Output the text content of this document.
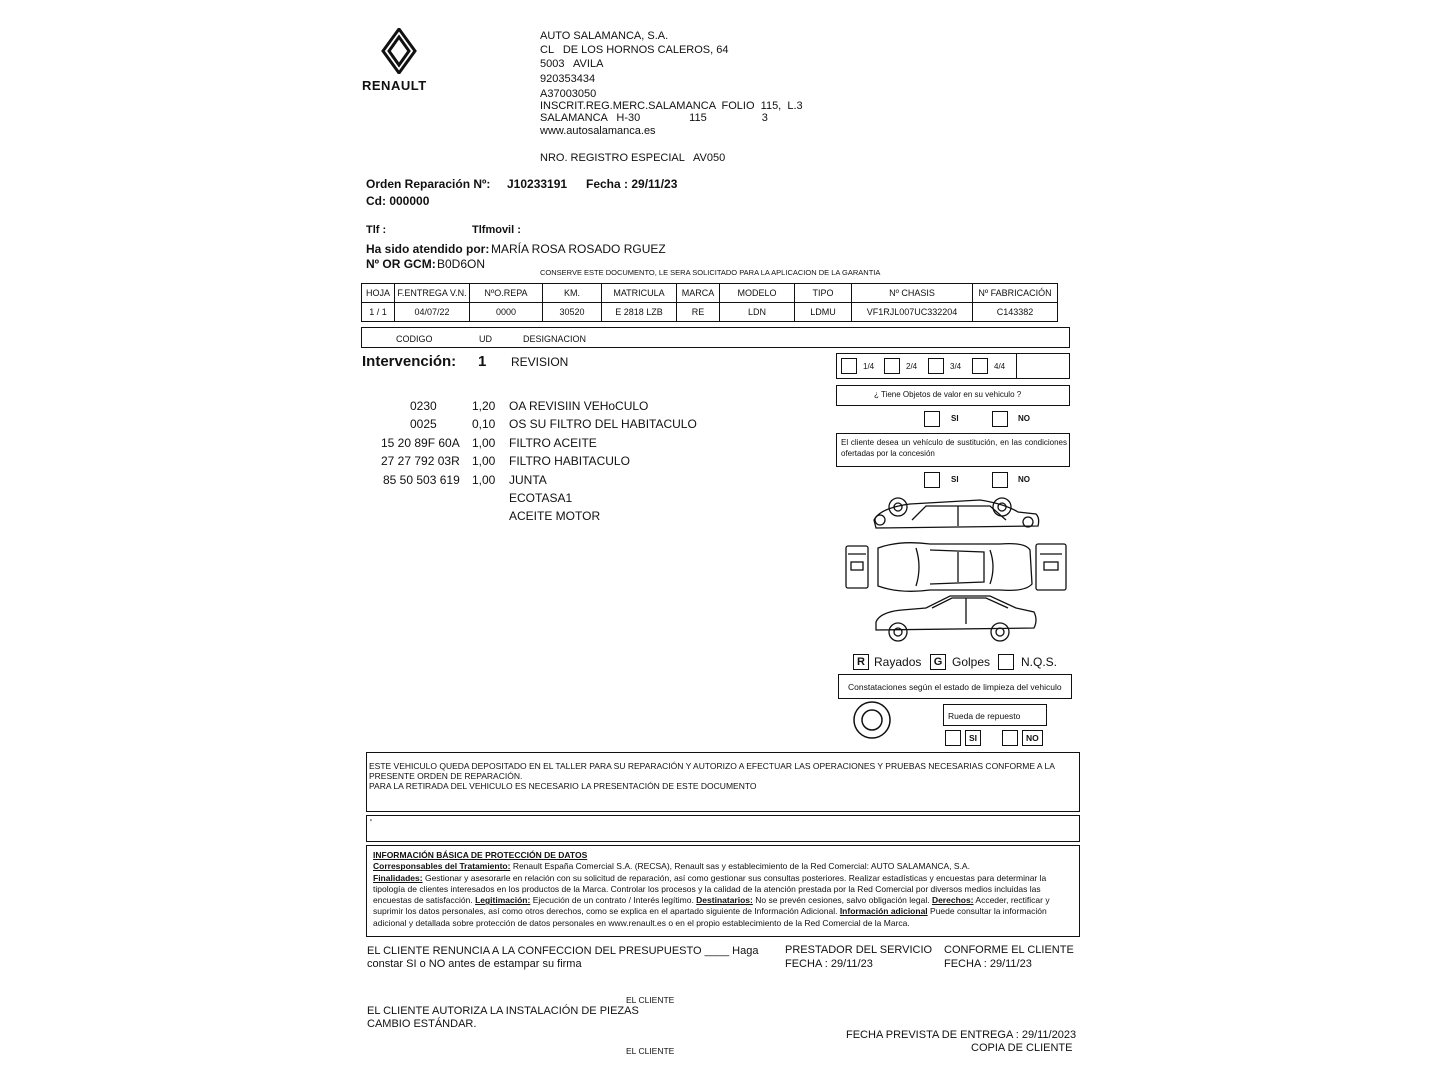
RENAULT
AUTO SALAMANCA, S.A.
CL   DE LOS HORNOS CALEROS, 64
5003   AVILA
920353434
A37003050
INSCRIT.REG.MERC.SALAMANCA  FOLIO  115,  L.3
SALAMANCA   H-30                115                  3
www.autosalamanca.es
NRO. REGISTRO ESPECIAL   AV050
Orden Reparación Nº: J10233191 Fecha : 29/11/23
Cd: 000000
Tlf :	Tlfmovil :
Ha sido atendido por: MARÍA ROSA ROSADO RGUEZ
Nº OR GCM: B0D6ON
CONSERVE ESTE DOCUMENTO, LE SERA SOLICITADO PARA LA APLICACION DE LA GARANTIA
HOJA	F.ENTREGA V.N.	NºO.REPA	KM.	MATRICULA	MARCA	MODELO	TIPO	Nº CHASIS	Nº FABRICACIÓN
1 / 1	04/07/22	0000	30520	E 2818 LZB	RE	LDN	LDMU	VF1RJL007UC332204	C143382
CODIGO	UD	DESIGNACION
Intervención: 1 REVISION
0230	1,20 OA REVISIIN VEHoCULO
0025	0,10 OS SU FILTRO DEL HABITACULO
15 20 89F 60A 1,00 FILTRO ACEITE
27 27 792 03R 1,00 FILTRO HABITACULO
85 50 503 619 1,00 JUNTA
ECOTASA1
ACEITE MOTOR
1/4	2/4	3/4	4/4
¿ Tiene Objetos de valor en su vehiculo ?
SI	NO
El cliente desea un vehículo de sustitución, en las condiciones ofertadas por la concesión
SI	NO
R Rayados	G Golpes	N.Q.S.
Constataciones según el estado de limpieza del vehiculo
Rueda de repuesto
SI	NO
ESTE VEHICULO QUEDA DEPOSITADO EN EL TALLER PARA SU REPARACIÓN Y AUTORIZO A EFECTUAR LAS OPERACIONES Y PRUEBAS NECESARIAS CONFORME A LA
PRESENTE ORDEN DE REPARACIÓN.
PARA LA RETIRADA DEL VEHICULO ES NECESARIO LA PRESENTACIÓN DE ESTE DOCUMENTO
'
INFORMACIÓN BÁSICA DE PROTECCIÓN DE DATOS
Corresponsables del Tratamiento: Renault España Comercial S.A. (RECSA), Renault sas y establecimiento de la Red Comercial: AUTO SALAMANCA, S.A.
Finalidades: Gestionar y asesorarle en relación con su solicitud de reparación, así como gestionar sus consultas posteriores. Realizar estadísticas y encuestas para determinar la tipología de clientes interesados en los productos de la Marca. Controlar los procesos y la calidad de la atención prestada por la Red Comercial por diversos medios incluidas las encuestas de satisfacción. Legitimación: Ejecución de un contrato / Interés legítimo. Destinatarios: No se prevén cesiones, salvo obligación legal. Derechos: Acceder, rectificar y suprimir los datos personales, así como otros derechos, como se explica en el apartado siguiente de Información Adicional. Información adicional Puede consultar la información adicional y detallada sobre protección de datos personales en www.renault.es o en el propio establecimiento de la Red Comercial de la Marca.
EL CLIENTE RENUNCIA A LA CONFECCION DEL PRESUPUESTO ____ Haga
constar SI o NO antes de estampar su firma
PRESTADOR DEL SERVICIO
FECHA : 29/11/23
CONFORME EL CLIENTE
FECHA : 29/11/23
EL CLIENTE
EL CLIENTE AUTORIZA LA INSTALACIÓN DE PIEZAS
CAMBIO ESTÁNDAR.
FECHA PREVISTA DE ENTREGA : 29/11/2023
COPIA DE CLIENTE
EL CLIENTE
